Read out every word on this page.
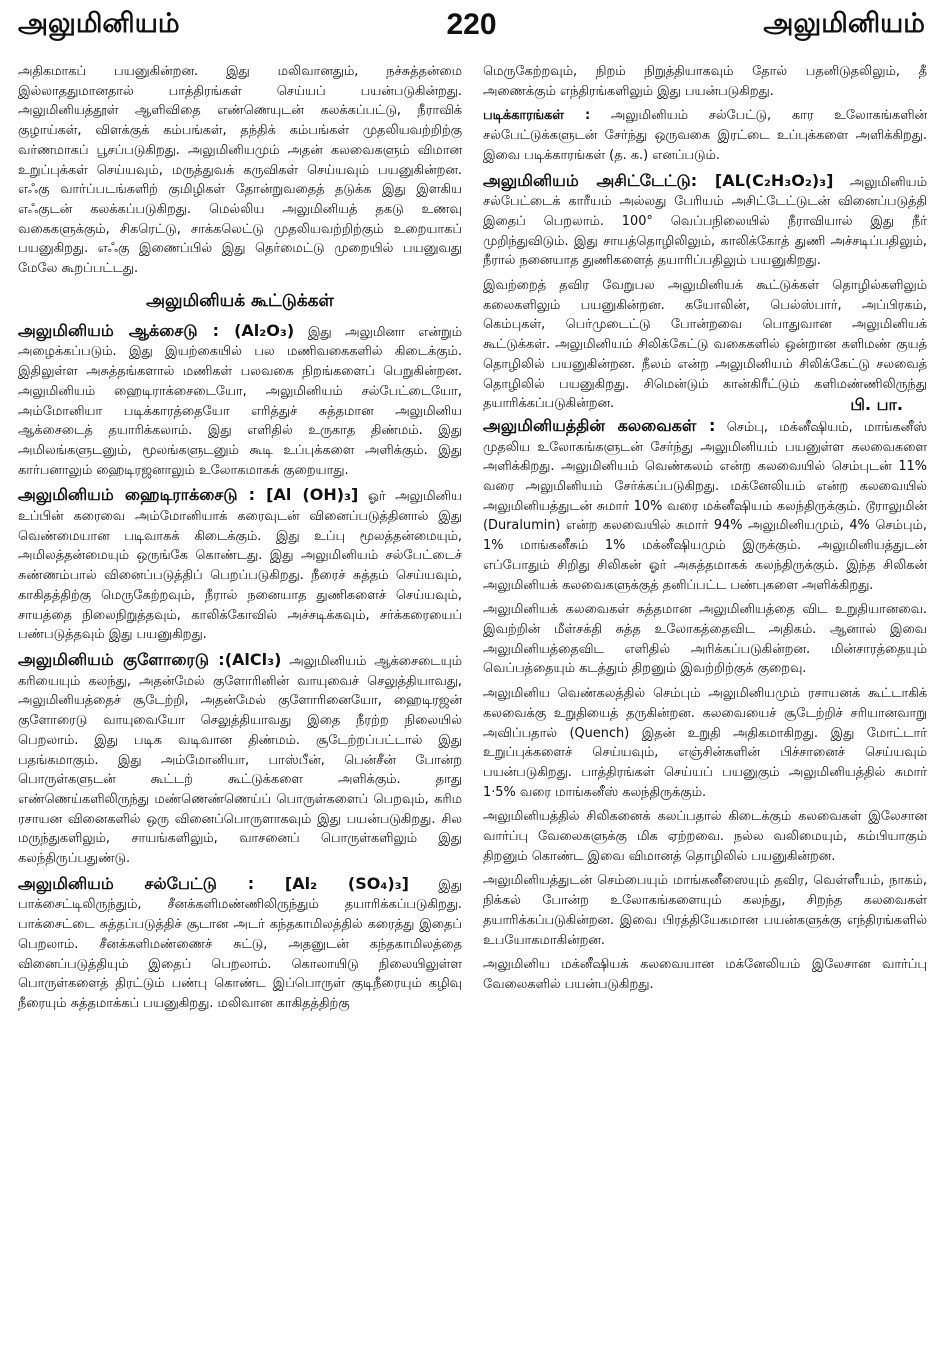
அலுமினியம்	220	அலுமினியம்

அதிகமாகப் பயனுகின்றன. இது மலிவானதும், நச்சுத்தன்மை இல்லாததுமானதால் பாத்திரங்கள் செய்யப் பயன்படுகின்றது. அலுமினியத்தூள் ஆளிவிதை எண்ணெயுடன் கலக்கப்பட்டு, நீராவிக் குழாய்கள், விளக்குக் கம்பங்கள், தந்திக் கம்பங்கள் முதலியவற்றிற்கு வர்ணமாகப் பூசப்படுகிறது. அலுமினியமும் அதன் கலவைகளும் விமான உறுப்புக்கள் செய்யவும், மருத்துவக் கருவிகள் செய்யவும் பயனுகின்றன. எஃகு வார்ப்படங்களிற் குமிழிகள் தோன்றுவதைத் தடுக்க இது இளகிய எஃகுடன் கலக்கப்படுகிறது. மெல்லிய அலுமினியத் தகடு உணவு வகைகளுக்கும், சிகரெட்டு, சாக்கலெட்டு முதலியவற்றிற்கும் உறையாகப் பயனுகிறது. எஃகு இணைப்பில் இது தெர்மைட்டு முறையில் பயனுவது மேலே கூறப்பட்டது.

அலுமினியக் கூட்டுக்கள்

அலுமினியம் ஆக்சைடு : (Al₂O₃) இது அலுமினா என்றும் அழைக்கப்படும். இது இயற்கையில் பல மணிவகைகளில் கிடைக்கும். இதிலுள்ள அசுத்தங்களால் மணிகள் பலவகை நிறங்களைப் பெறுகின்றன. அலுமினியம் ஹைடிராக்சைடையோ, அலுமினியம் சல்பேட்டையோ, அம்மோனியா படிக்காரத்தையோ எரித்துச் சுத்தமான அலுமினிய ஆக்சைடைத் தயாரிக்கலாம். இது எளிதில் உருகாத திண்மம். இது அமிலங்களுடனும், மூலங்களுடனும் கூடி உப்புக்களை அளிக்கும். இது கார்பனாலும் ஹைடிரஜனாலும் உலோகமாகக் குறையாது.

அலுமினியம் ஹைடிராக்சைடு : [Al (OH)₃] ஓர் அலுமினிய உப்பின் கரைவை அம்மோனியாக் கரைவுடன் வினைப்படுத்தினால் இது வெண்மையான படிவாகக் கிடைக்கும். இது உப்பு மூலத்தன்மையும், அமிலத்தன்மையும் ஒருங்கே கொண்டது. இது அலுமினியம் சல்பேட்டைச் சுண்ணம்பால் வினைப்படுத்திப் பெறப்படுகிறது. நீரைச் சுத்தம் செய்யவும், காகிதத்திற்கு மெருகேற்றவும், நீரால் நனையாத துணிகளைச் செய்யவும், சாயத்தை நிலைநிறுத்தவும், காலிக்கோவில் அச்சடிக்கவும், சர்க்கரையைப் பண்படுத்தவும் இது பயனுகிறது.

அலுமினியம் குளோரைடு :(AlCl₃) அலுமினியம் ஆக்சைடையும் கரியையும் கலந்து, அதன்மேல் குளோரினின் வாயுவைச் செலுத்தியாவது, அலுமினியத்தைச் சூடேற்றி, அதன்மேல் குளோரினையோ, ஹைடிரஜன் குளோரைடு வாயுவையோ செலுத்தியாவது இதை நீரற்ற நிலையில் பெறலாம். இது படிக வடிவான திண்மம். சூடேற்றப்பட்டால் இது பதங்கமாகும். இது அம்மோனியா, பாஸ்பீன், பென்சீன் போன்ற பொருள்களுடன் கூட்டற் கூட்டுக்களை அளிக்கும். தாது எண்ணெய்களிலிருந்து மண்ணெண்ணெய்ப் பொருள்களைப் பெறவும், கரிம ரசாயன வினைகளில் ஒரு வினைப்பொருளாகவும் இது பயன்படுகிறது. சில மருந்துகளிலும், சாயங்களிலும், வாசனைப் பொருள்களிலும் இது கலந்திருப்பதுண்டு.

அலுமினியம் சல்பேட்டு : [Al₂ (SO₄)₃] இது பாக்சைட்டிலிருந்தும், சீனக்களிமண்ணிலிருந்தும் தயாரிக்கப்படுகிறது. பாக்சைட்டை சுத்தப்படுத்திச் சூடான அடர் கந்தகாமிலத்தில் கரைத்து இதைப் பெறலாம். சீனக்களிமண்ணைச் சுட்டு, அதனுடன் கந்தகாமிலத்தை வினைப்படுத்தியும் இதைப் பெறலாம். கொலாயிடு நிலையிலுள்ள பொருள்களைத் திரட்டும் பண்பு கொண்ட இப்பொருள் குடிநீரையும் கழிவு நீரையும் சுத்தமாக்கப் பயனுகிறது. மலிவான காகிதத்திற்கு

மெருகேற்றவும், நிறம் நிறுத்தியாகவும் தோல் பதனிடுதலிலும், தீ அணைக்கும் எந்திரங்களிலும் இது பயன்படுகிறது.

படிக்காரங்கள் : அலுமினியம் சல்பேட்டு, கார உலோகங்களின் சல்பேட்டுக்களுடன் சேர்ந்து ஒருவகை இரட்டை உப்புக்களை அளிக்கிறது. இவை படிக்காரங்கள் (த. க.) எனப்படும்.

அலுமினியம் அசிட்டேட்டு: [AL(C₂H₃O₂)₃] அலுமினியம் சல்பேட்டைக் காரீயம் அல்லது பேரியம் அசிட்டேட்டுடன் வினைப்படுத்தி இதைப் பெறலாம். 100° வெப்பநிலையில் நீராவியால் இது நீர் முறிந்துவிடும். இது சாயத்தொழிலிலும், காலிக்கோத் துணி அச்சடிப்பதிலும், நீரால் நனையாத துணிகளைத் தயாரிப்பதிலும் பயனுகிறது.

இவற்றைத் தவிர வேறுபல அலுமினியக் கூட்டுக்கள் தொழில்களிலும் கலைகளிலும் பயனுகின்றன. கயோலின், பெல்ஸ்பார், அப்பிரகம், கெம்புகள், பெர்முடைட்டு போன்றவை பொதுவான அலுமினியக் கூட்டுக்கள். அலுமினியம் சிலிக்கேட்டு வகைகளில் ஒன்றான களிமண் குயத் தொழிலில் பயனுகின்றன. நீலம் என்ற அலுமினியம் சிலிக்கேட்டு சலவைத் தொழிலில் பயனுகிறது. சிமென்டும் கான்கிரீட்டும் களிமண்ணிலிருந்து தயாரிக்கப்படுகின்றன.	பி. பா.

அலுமினியத்தின் கலவைகள் : செம்பு, மக்னீஷியம், மாங்கனீஸ் முதலிய உலோகங்களுடன் சேர்ந்து அலுமினியம் பயனுள்ள கலவைகளை அளிக்கிறது. அலுமினியம் வெண்கலம் என்ற கலவையில் செம்புடன் 11% வரை அலுமினியம் சேர்க்கப்படுகிறது. மக்னேலியம் என்ற கலவையில் அலுமினியத்துடன் சுமார் 10% வரை மக்னீஷியம் கலந்திருக்கும். டூராலுமின் (Duralumin) என்ற கலவையில் சுமார் 94% அலுமினியமும், 4% செம்பும், 1% மாங்கனீசும் 1% மக்னீஷியமும் இருக்கும். அலுமினியத்துடன் எப்போதும் சிறிது சிலிகன் ஓர் அசுத்தமாகக் கலந்திருக்கும். இந்த சிலிகன் அலுமினியக் கலவைகளுக்குத் தனிப்பட்ட பண்புகளை அளிக்கிறது.

அலுமினியக் கலவைகள் சுத்தமான அலுமினியத்தை விட உறுதியானவை. இவற்றின் மீள்சக்தி சுத்த உலோகத்தைவிட அதிகம். ஆனால் இவை அலுமினியத்தைவிட எளிதில் அரிக்கப்படுகின்றன. மின்சாரத்தையும் வெப்பத்தையும் கடத்தும் திறனும் இவற்றிற்குக் குறைவு.

அலுமினிய வெண்கலத்தில் செம்பும் அலுமினியமும் ரசாயனக் கூட்டாகிக் கலவைக்கு உறுதியைத் தருகின்றன. கலவையைச் சூடேற்றிச் சரியானவாறு அவிப்பதால் (Quench) இதன் உறுதி அதிகமாகிறது. இது மோட்டார் உறுப்புக்களைச் செய்யவும், எஞ்சின்களின் பிச்சானைச் செய்யவும் பயன்படுகிறது. பாத்திரங்கள் செய்யப் பயனுகும் அலுமினியத்தில் சுமார் 1·5% வரை மாங்கனீஸ் கலந்திருக்கும்.

அலுமினியத்தில் சிலிகனைக் கலப்பதால் கிடைக்கும் கலவைகள் இலேசான வார்ப்பு வேலைகளுக்கு மிக ஏற்றவை. நல்ல வலிமையும், கம்பியாகும் திறனும் கொண்ட இவை விமானத் தொழிலில் பயனுகின்றன.

அலுமினியத்துடன் செம்பையும் மாங்கனீஸையும் தவிர, வெள்ளீயம், நாகம், நிக்கல் போன்ற உலோகங்களையும் கலந்து, சிறந்த கலவைகள் தயாரிக்கப்படுகின்றன. இவை பிரத்தியேகமான பயன்களுக்கு எந்திரங்களில் உபயோகமாகின்றன.

அலுமினிய மக்னீஷியக் கலவையான மக்னேலியம் இலேசான வார்ப்பு வேலைகளில் பயன்படுகிறது.
